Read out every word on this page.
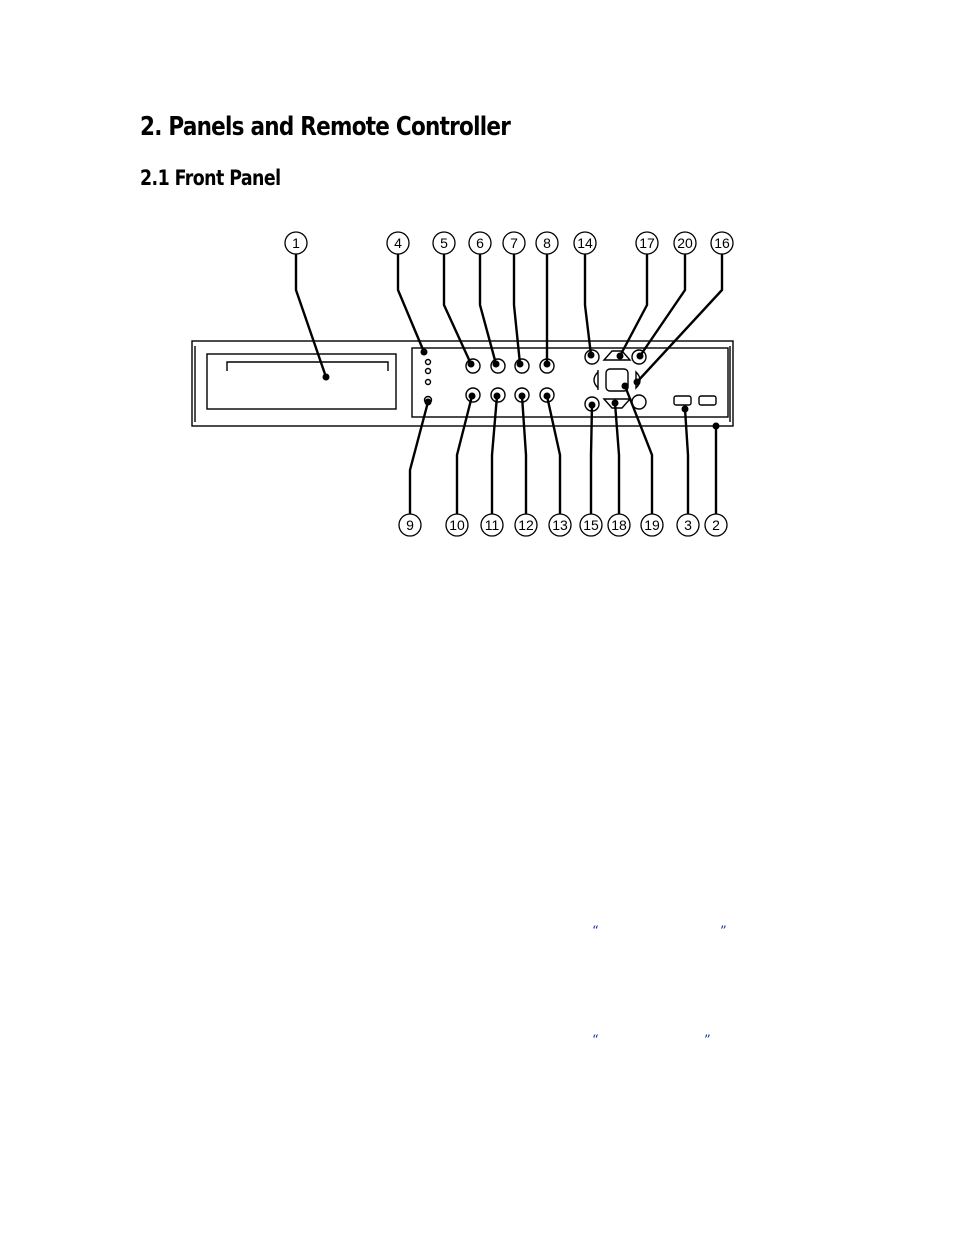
2. Panels and Remote Controller
2.1 Front Panel
1	4	5 6 7 8 14	17 20 16
9	10 11 12 13 15 18 19 3 2
“	”
“	”
